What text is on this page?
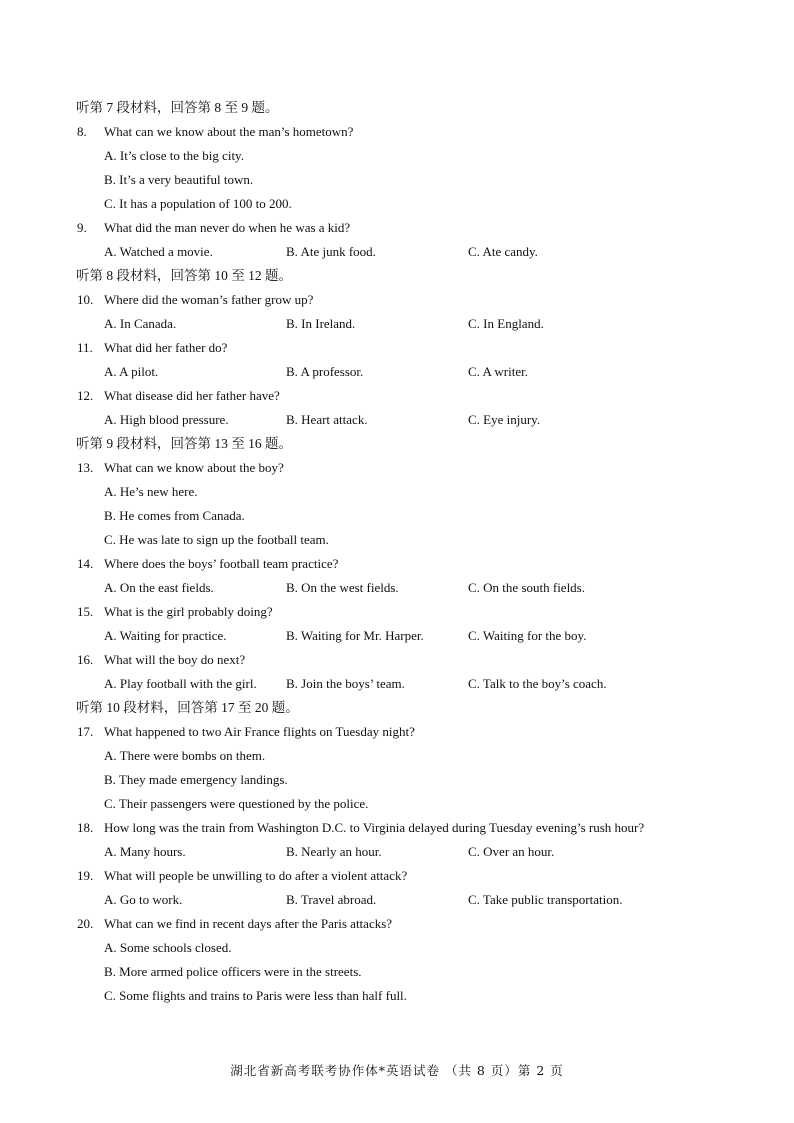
听第 7 段材料，回答第 8 至 9 题。
8. What can we know about the man’s hometown?
A. It’s close to the big city.
B. It’s a very beautiful town.
C. It has a population of 100 to 200.
9. What did the man never do when he was a kid?
A. Watched a movie.	B. Ate junk food.	C. Ate candy.
听第 8 段材料，回答第 10 至 12 题。
10. Where did the woman’s father grow up?
A. In Canada.	B. In Ireland.	C. In England.
11. What did her father do?
A. A pilot.	B. A professor.	C. A writer.
12. What disease did her father have?
A. High blood pressure.	B. Heart attack.	C. Eye injury.
听第 9 段材料，回答第 13 至 16 题。
13. What can we know about the boy?
A. He’s new here.
B. He comes from Canada.
C. He was late to sign up the football team.
14. Where does the boys’ football team practice?
A. On the east fields.	B. On the west fields.	C. On the south fields.
15. What is the girl probably doing?
A. Waiting for practice.	B. Waiting for Mr. Harper.	C. Waiting for the boy.
16. What will the boy do next?
A. Play football with the girl. B. Join the boys’ team.	C. Talk to the boy’s coach.
听第 10 段材料，回答第 17 至 20 题。
17. What happened to two Air France flights on Tuesday night?
A. There were bombs on them.
B. They made emergency landings.
C. Their passengers were questioned by the police.
18. How long was the train from Washington D.C. to Virginia delayed during Tuesday evening’s rush hour?
A. Many hours.	B. Nearly an hour.	C. Over an hour.
19. What will people be unwilling to do after a violent attack?
A. Go to work.	B. Travel abroad.	C. Take public transportation.
20. What can we find in recent days after the Paris attacks?
A. Some schools closed.
B. More armed police officers were in the streets.
C. Some flights and trains to Paris were less than half full.
湖北省新高考联考协作体*英语试卷 （共 8 页）第 2 页
